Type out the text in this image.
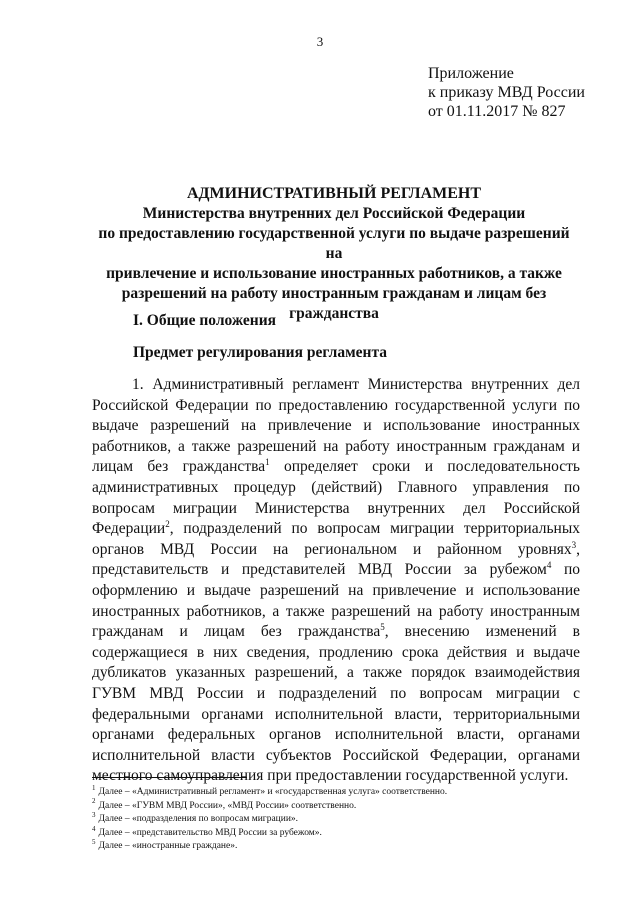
3
Приложение
к приказу МВД России
от 01.11.2017 № 827
АДМИНИСТРАТИВНЫЙ РЕГЛАМЕНТ
Министерства внутренних дел Российской Федерации
по предоставлению государственной услуги по выдаче разрешений на
привлечение и использование иностранных работников, а также
разрешений на работу иностранным гражданам и лицам без
гражданства
I. Общие положения
Предмет регулирования регламента

1. Административный регламент Министерства внутренних дел Российской Федерации по предоставлению государственной услуги по выдаче разрешений на привлечение и использование иностранных работников, а также разрешений на работу иностранным гражданам и лицам без гражданства$^1$ определяет сроки и последовательность административных процедур (действий) Главного управления по вопросам миграции Министерства внутренних дел Российской Федерации$^2$, подразделений по вопросам миграции территориальных органов МВД России на региональном и районном уровнях$^3$, представительств и представителей МВД России за рубежом$^4$ по оформлению и выдаче разрешений на привлечение и использование иностранных работников, а также разрешений на работу иностранным гражданам и лицам без гражданства$^5$, внесению изменений в содержащиеся в них сведения, продлению срока действия и выдаче дубликатов указанных разрешений, а также порядок взаимодействия ГУВМ МВД России и подразделений по вопросам миграции с федеральными органами исполнительной власти, территориальными органами федеральных органов исполнительной власти, органами исполнительной власти субъектов Российской Федерации, органами местного самоуправления при предоставлении государственной услуги.

$^1$ Далее – «Административный регламент» и «государственная услуга» соответственно.
$^2$ Далее – «ГУВМ МВД России», «МВД России» соответственно.
$^3$ Далее – «подразделения по вопросам миграции».
$^4$ Далее – «представительство МВД России за рубежом».
$^5$ Далее – «иностранные граждане».
